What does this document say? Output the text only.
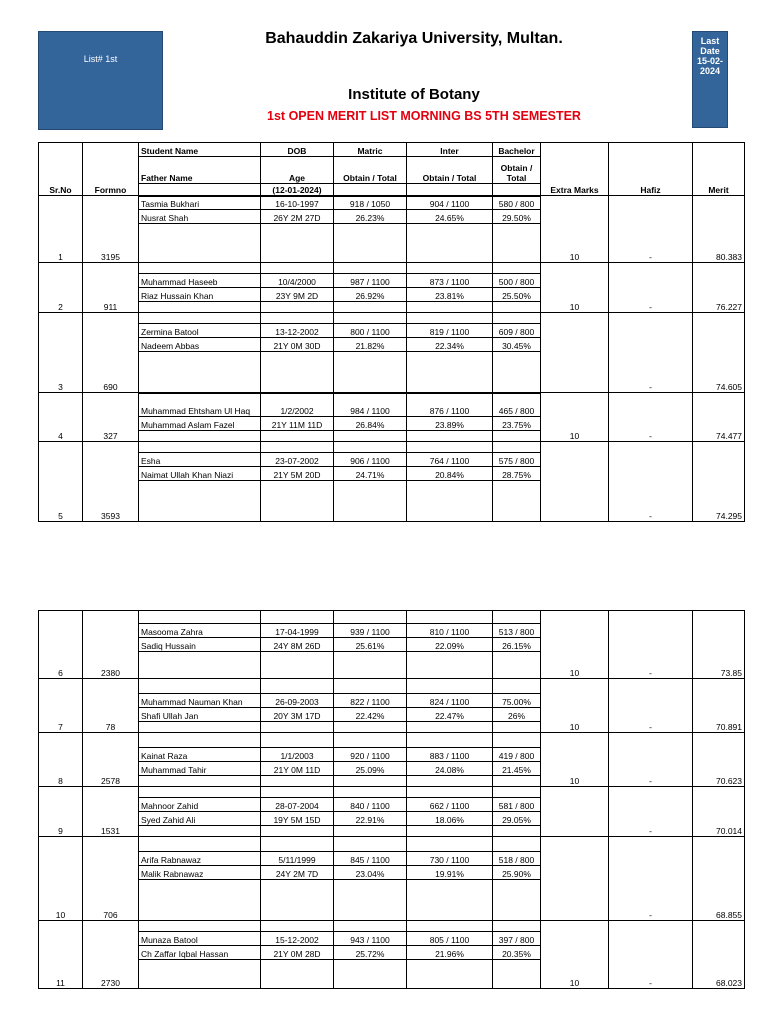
List# 1st
Last
Date
15-02-
2024
Bahauddin Zakariya University, Multan.
Institute of Botany
1st OPEN MERIT LIST MORNING BS 5TH SEMESTER
Sr.No	Formno	Student Name	DOB	Matric	Inter	Bachelor	Extra Marks	Hafiz	Merit
		Father Name	Age	Obtain / Total	Obtain / Total	Obtain / Total			
			(12-01-2024)						
1	3195						10	-	80.383
		Tasmia Bukhari	16-10-1997	918 / 1050	904 / 1100	580 / 800			
		Nusrat Shah	26Y 2M 27D	26.23%	24.65%	29.50%			

2	911						10	-	76.227
		Muhammad Haseeb	10/4/2000	987 / 1100	873 / 1100	500 / 800			
		Riaz Hussain Khan	23Y 9M 2D	26.92%	23.81%	25.50%			

3	690							-	74.605
		Zermina Batool	13-12-2002	800 / 1100	819 / 1100	609 / 800			
		Nadeem Abbas	21Y 0M 30D	21.82%	22.34%	30.45%			

4	327						10	-	74.477
		Muhammad Ehtsham Ul Haq	1/2/2002	984 / 1100	876 / 1100	465 / 800			
		Muhammad Aslam Fazel	21Y 11M 11D	26.84%	23.89%	23.75%			

5	3593							-	74.295
		Esha	23-07-2002	906 / 1100	764 / 1100	575 / 800			
		Naimat Ullah Khan Niazi	21Y 5M 20D	24.71%	20.84%	28.75%			

6	2380						10	-	73.85
		Masooma Zahra	17-04-1999	939 / 1100	810 / 1100	513 / 800			
		Sadiq Hussain	24Y 8M 26D	25.61%	22.09%	26.15%			

7	78						10	-	70.891
		Muhammad Nauman Khan	26-09-2003	822 / 1100	824 / 1100	75.00%			
		Shafi Ullah Jan	20Y 3M 17D	22.42%	22.47%	26%			

8	2578						10	-	70.623
		Kainat Raza	1/1/2003	920 / 1100	883 / 1100	419 / 800			
		Muhammad Tahir	21Y 0M 11D	25.09%	24.08%	21.45%			

9	1531							-	70.014
		Mahnoor Zahid	28-07-2004	840 / 1100	662 / 1100	581 / 800			
		Syed Zahid Ali	19Y 5M 15D	22.91%	18.06%	29.05%			

10	706							-	68.855
		Arifa Rabnawaz	5/11/1999	845 / 1100	730 / 1100	518 / 800			
		Malik Rabnawaz	24Y 2M 7D	23.04%	19.91%	25.90%			

11	2730						10	-	68.023
		Munaza Batool	15-12-2002	943 / 1100	805 / 1100	397 / 800			
		Ch Zaffar Iqbal Hassan	21Y 0M 28D	25.72%	21.96%	20.35%			
